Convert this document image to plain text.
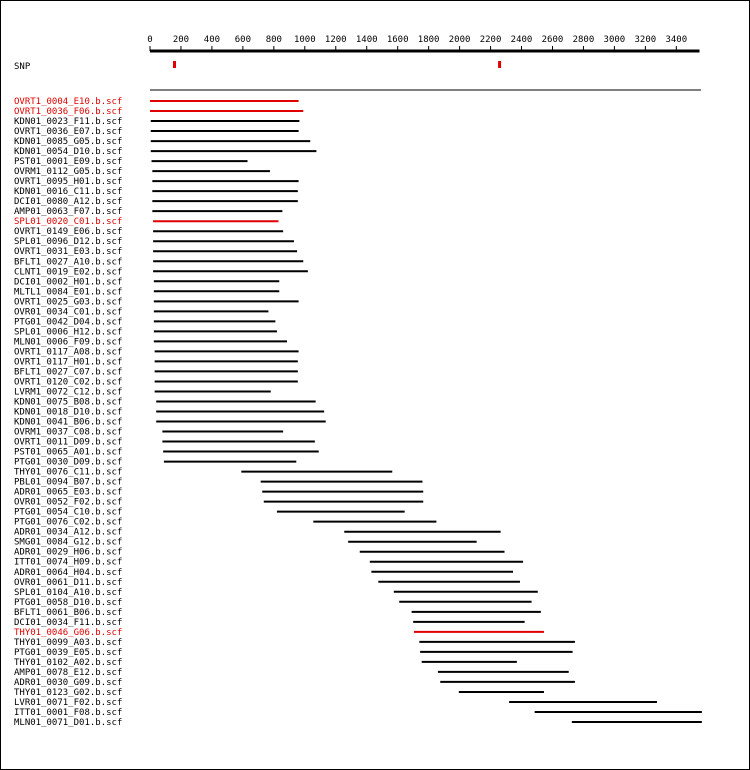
0 200 400 600 800 1000 1200 1400 1600 1800 2000 2200 2400 2600 2800 3000 3200 3400
SNP
OVRT1_0004_E10.b.scf
OVRT1_0036_F06.b.scf
KDN01_0023_F11.b.scf
OVRT1_0036_E07.b.scf
KDN01_0085_G05.b.scf
KDN01_0054_D10.b.scf
PST01_0001_E09.b.scf
OVRM1_0112_G05.b.scf
OVRT1_0095_H01.b.scf
KDN01_0016_C11.b.scf
DCI01_0080_A12.b.scf
AMP01_0063_F07.b.scf
SPL01_0020_C01.b.scf
OVRT1_0149_E06.b.scf
SPL01_0096_D12.b.scf
OVRT1_0031_E03.b.scf
BFLT1_0027_A10.b.scf
CLNT1_0019_E02.b.scf
DCI01_0002_H01.b.scf
MLTL1_0084_E01.b.scf
OVRT1_0025_G03.b.scf
OVR01_0034_C01.b.scf
PTG01_0042_D04.b.scf
SPL01_0006_H12.b.scf
MLN01_0006_F09.b.scf
OVRT1_0117_A08.b.scf
OVRT1_0117_H01.b.scf
BFLT1_0027_C07.b.scf
OVRT1_0120_C02.b.scf
LVRM1_0072_C12.b.scf
KDN01_0075_B08.b.scf
KDN01_0018_D10.b.scf
KDN01_0041_B06.b.scf
OVRM1_0037_C08.b.scf
OVRT1_0011_D09.b.scf
PST01_0065_A01.b.scf
PTG01_0030_D09.b.scf
THY01_0076_C11.b.scf
PBL01_0094_B07.b.scf
ADR01_0065_E03.b.scf
OVR01_0052_F02.b.scf
PTG01_0054_C10.b.scf
PTG01_0076_C02.b.scf
ADR01_0034_A12.b.scf
SMG01_0084_G12.b.scf
ADR01_0029_H06.b.scf
ITT01_0074_H09.b.scf
ADR01_0064_H04.b.scf
OVR01_0061_D11.b.scf
SPL01_0104_A10.b.scf
PTG01_0058_D10.b.scf
BFLT1_0061_B06.b.scf
DCI01_0034_F11.b.scf
THY01_0046_G06.b.scf
THY01_0099_A03.b.scf
PTG01_0039_E05.b.scf
THY01_0102_A02.b.scf
AMP01_0078_E12.b.scf
ADR01_0030_G09.b.scf
THY01_0123_G02.b.scf
LVR01_0071_F02.b.scf
ITT01_0001_F08.b.scf
MLN01_0071_D01.b.scf
